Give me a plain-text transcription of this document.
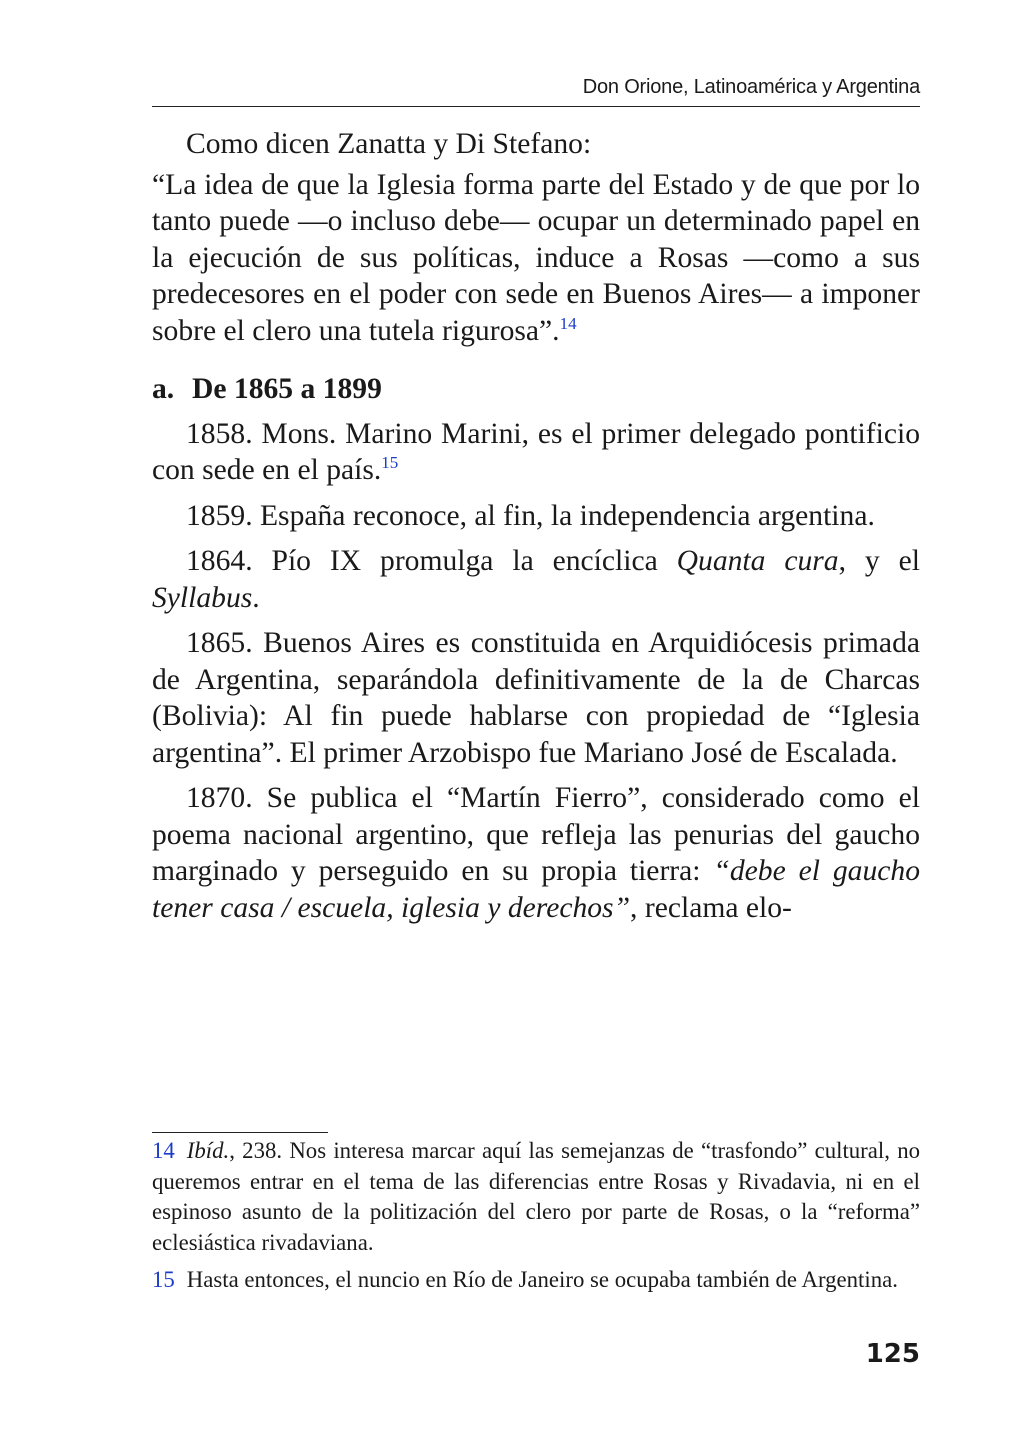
Don Orione, Latinoamérica y Argentina

Como dicen Zanatta y Di Stefano:

“La idea de que la Iglesia forma parte del Estado y de que por lo tanto puede —o incluso debe— ocupar un determinado papel en la ejecución de sus políticas, induce a Rosas —como a sus predecesores en el poder con sede en Buenos Aires— a imponer sobre el clero una tutela rigurosa”.$^{14}$

a. De 1865 a 1899

1858. Mons. Marino Marini, es el primer delegado pontificio con sede en el país.$^{15}$

1859. España reconoce, al fin, la independencia argentina.

1864. Pío IX promulga la encíclica Quanta cura, y el Syllabus.

1865. Buenos Aires es constituida en Arquidiócesis primada de Argentina, separándola definitivamente de la de Charcas (Bolivia): Al fin puede hablarse con propiedad de “Iglesia argentina”. El primer Arzobispo fue Mariano José de Escalada.

1870. Se publica el “Martín Fierro”, considerado como el poema nacional argentino, que refleja las penurias del gaucho marginado y perseguido en su propia tierra: “debe el gaucho tener casa / escuela, iglesia y derechos”, reclama elo-

14 Ibíd., 238. Nos interesa marcar aquí las semejanzas de “trasfondo” cultural, no queremos entrar en el tema de las diferencias entre Rosas y Rivadavia, ni en el espinoso asunto de la politización del clero por parte de Rosas, o la “reforma” eclesiástica rivadaviana.

15 Hasta entonces, el nuncio en Río de Janeiro se ocupaba también de Argentina.

125
